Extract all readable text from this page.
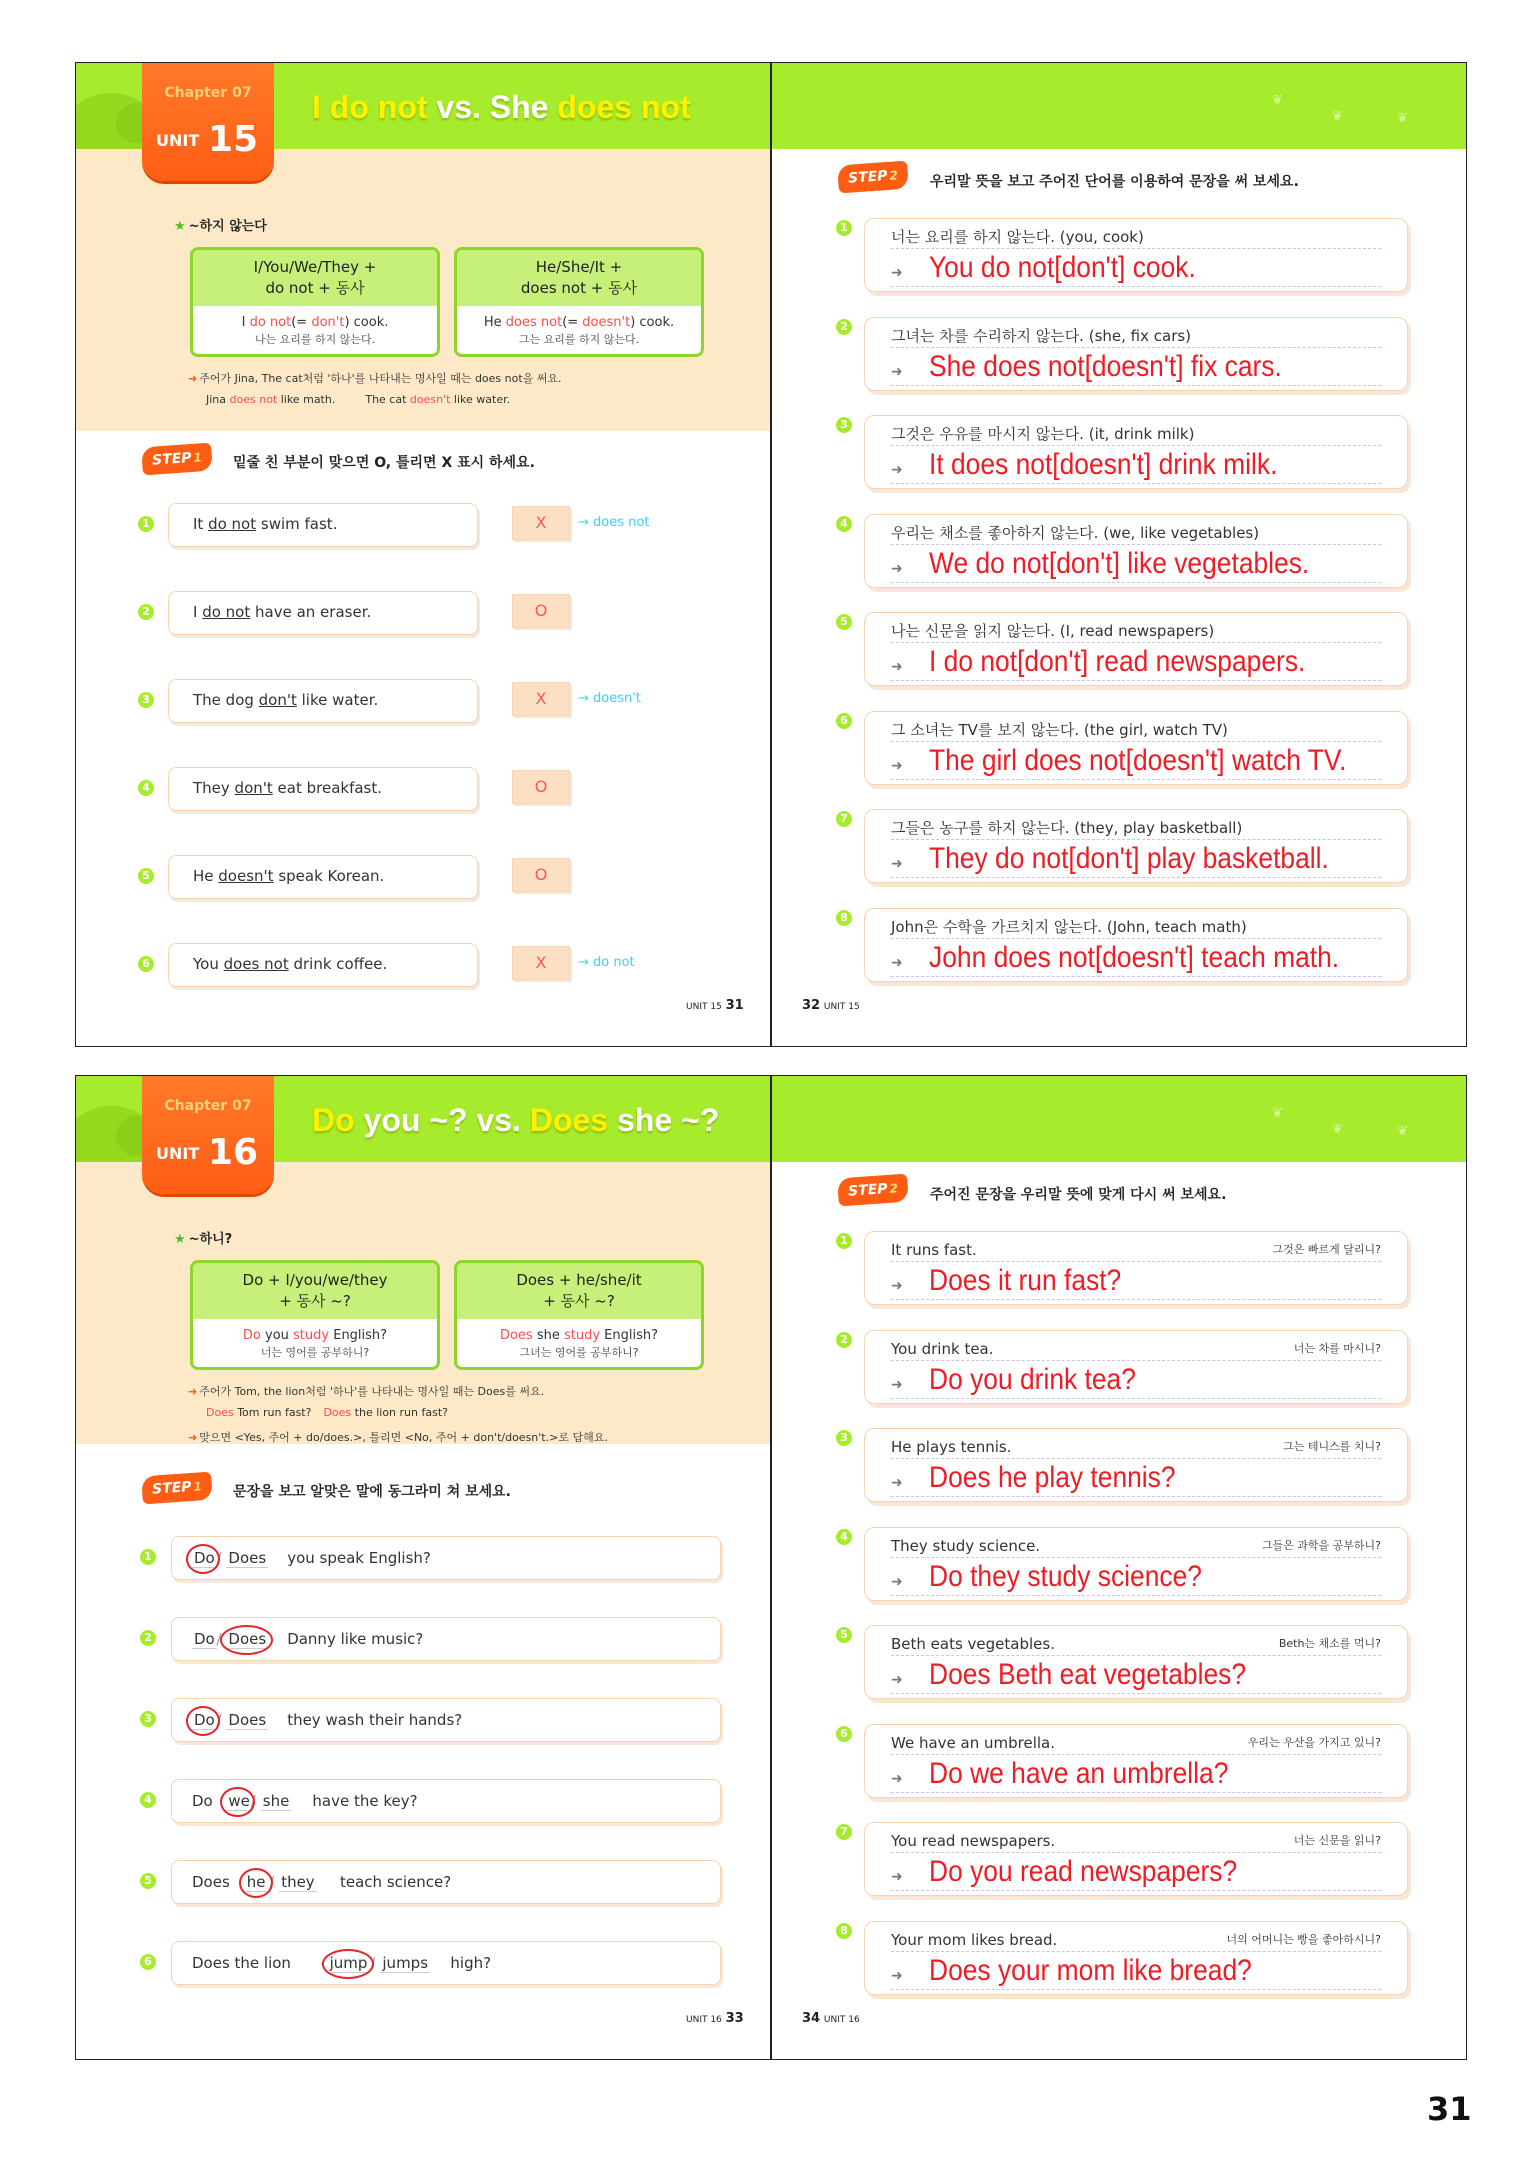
Chapter 07
UNIT 15
I do not vs. She does not
★ ~하지 않는다
I/You/We/They +
do not + 동사
I do not(= don't) cook.
나는 요리를 하지 않는다.
He/She/It +
does not + 동사
He does not(= doesn't) cook.
그는 요리를 하지 않는다.
➜ 주어가 Jina, The cat처럼 '하나'를 나타내는 명사일 때는 does not을 써요.
Jina does not like math.	The cat doesn't like water.
STEP1	밑줄 친 부분이 맞으면 O, 틀리면 X 표시 하세요.
1	It do not swim fast.	X	→ does not
2	I do not have an eraser.	O
3	The dog don't like water.	X	→ doesn't
4	They don't eat breakfast.	O
5	He doesn't speak Korean.	O
6	You does not drink coffee.	X	→ do not
UNIT 15 31
❦
❦	❦
STEP2	우리말 뜻을 보고 주어진 단어를 이용하여 문장을 써 보세요.
1
너는 요리를 하지 않는다. (you, cook)
➜ You do not[don't] cook.
2
그녀는 차를 수리하지 않는다. (she, fix cars)
➜ She does not[doesn't] fix cars.
3
그것은 우유를 마시지 않는다. (it, drink milk)
➜ It does not[doesn't] drink milk.
4
우리는 채소를 좋아하지 않는다. (we, like vegetables)
➜ We do not[don't] like vegetables.
5
나는 신문을 읽지 않는다. (I, read newspapers)
➜ I do not[don't] read newspapers.
6
그 소녀는 TV를 보지 않는다. (the girl, watch TV)
➜ The girl does not[doesn't] watch TV.
7
그들은 농구를 하지 않는다. (they, play basketball)
➜ They do not[don't] play basketball.
8
John은 수학을 가르치지 않는다. (John, teach math)
➜ John does not[doesn't] teach math.
32 UNIT 15
Chapter 07
UNIT 16
Do you ~? vs. Does she ~?
★ ~하니?
Do + I/you/we/they
+ 동사 ~?
Do you study English?
너는 영어를 공부하니?
Does + he/she/it
+ 동사 ~?
Does she study English?
그녀는 영어를 공부하니?
➜ 주어가 Tom, the lion처럼 '하나'를 나타내는 명사일 때는 Does를 써요.
Does Tom run fast? Does the lion run fast?
➜ 맞으면 <Yes, 주어 + do/does.>, 틀리면 <No, 주어 + don't/doesn't.>로 답해요.
STEP1	문장을 보고 알맞은 말에 동그라미 쳐 보세요.
1	Do / Does you speak English?
2	Do / Does Danny like music?
3	Do / Does they wash their hands?
4	Do we / she have the key?
5	Does he / they teach science?
6	Does the lion	jump / jumps high?
UNIT 16 33
❦
❦	❦
STEP2	주어진 문장을 우리말 뜻에 맞게 다시 써 보세요.
1
It runs fast.	그것은 빠르게 달리니?
➜ Does it run fast?
2
You drink tea.	너는 차를 마시니?
➜ Do you drink tea?
3
He plays tennis.	그는 테니스를 치니?
➜ Does he play tennis?
4
They study science.	그들은 과학을 공부하니?
➜ Do they study science?
5
Beth eats vegetables.	Beth는 채소를 먹니?
➜ Does Beth eat vegetables?
6
We have an umbrella.	우리는 우산을 가지고 있니?
➜ Do we have an umbrella?
7
You read newspapers.	너는 신문을 읽니?
➜ Do you read newspapers?
8
Your mom likes bread.	너의 어머니는 빵을 좋아하시니?
➜ Does your mom like bread?
34 UNIT 16
31
